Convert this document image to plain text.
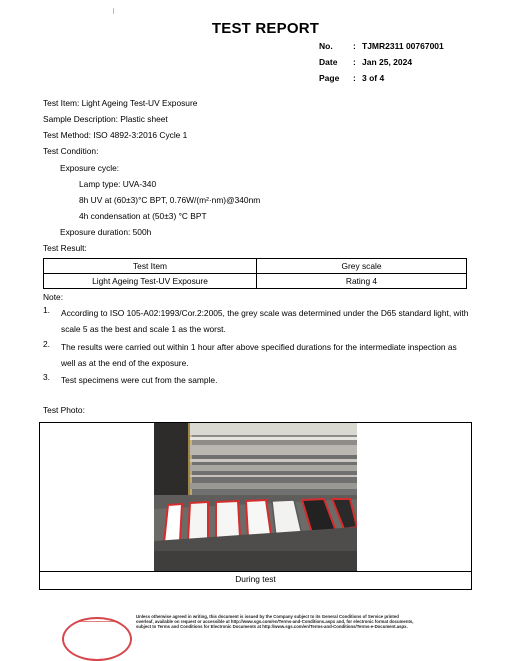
TEST REPORT
No.	: TJMR2311 00767001
Date	: Jan 25, 2024
Page	: 3 of 4
Test Item: Light Ageing Test-UV Exposure
Sample Description: Plastic sheet
Test Method: ISO 4892-3:2016 Cycle 1
Test Condition:
Exposure cycle:
Lamp type: UVA-340
8h UV at (60±3)°C BPT, 0.76W/(m²·nm)@340nm
4h condensation at (50±3) °C BPT
Exposure duration: 500h
Test Result:
Test Item	Grey scale
Light Ageing Test-UV Exposure	Rating 4
Note:
1.	According to ISO 105-A02:1993/Cor.2:2005, the grey scale was determined under the D65 standard light, with scale 5 as the best and scale 1 as the worst.
2.	The results were carried out within 1 hour after above specified durations for the intermediate inspection as well as at the end of the exposure.
3.	Test specimens were cut from the sample.
Test Photo:
During test
Unless otherwise agreed in writing, this document is issued by the Company subject to its General Conditions of Service printed
overleaf, available on request or accessible at http://www.sgs.com/en/Terms-and-Conditions.aspx and, for electronic format documents,
subject to Terms and Conditions for Electronic Documents at http://www.sgs.com/en/Terms-and-Conditions/Terms-e-Document.aspx.
